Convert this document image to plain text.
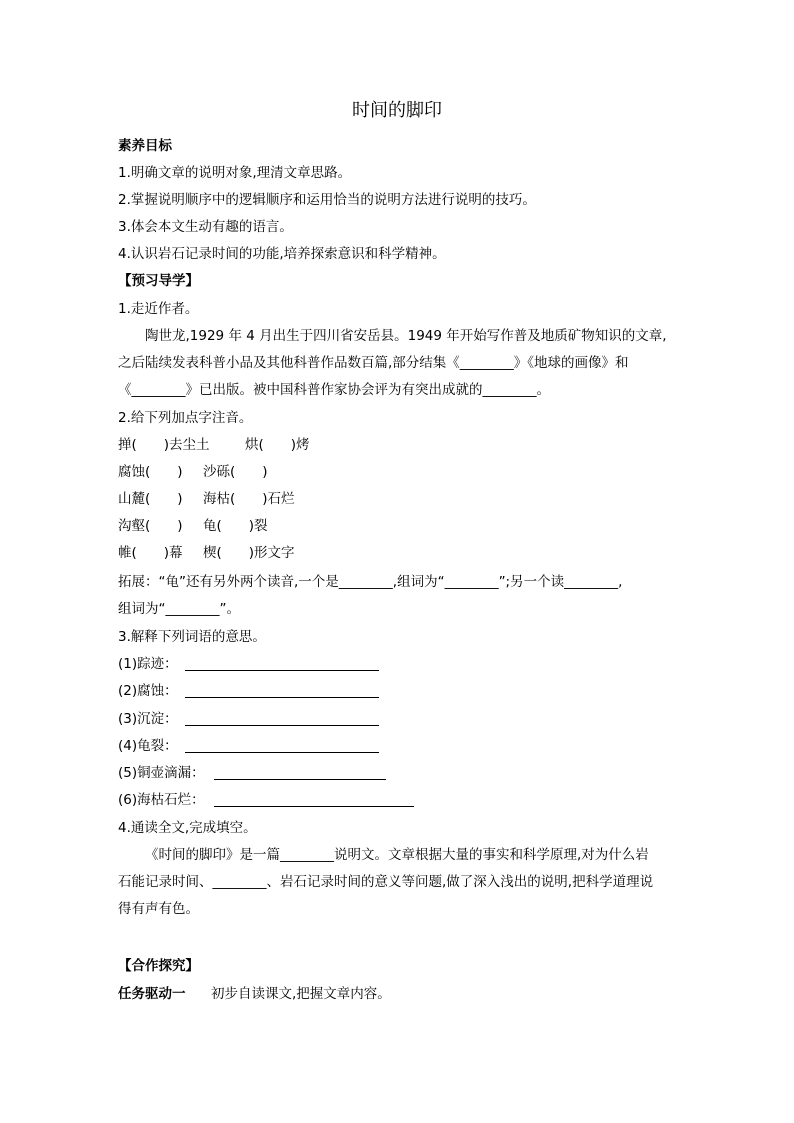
时间的脚印
素养目标
1.明确文章的说明对象,理清文章思路。
2.掌握说明顺序中的逻辑顺序和运用恰当的说明方法进行说明的技巧。
3.体会本文生动有趣的语言。
4.认识岩石记录时间的功能,培养探索意识和科学精神。
【预习导学】
1.走近作者。
陶世龙,1929 年 4 月出生于四川省安岳县。1949 年开始写作普及地质矿物知识的文章,
之后陆续发表科普小品及其他科普作品数百篇,部分结集《________》《地球的画像》和
《________》已出版。被中国科普作家协会评为有突出成就的________。
2.给下列加点字注音。
掸(　　)去尘土	烘(　　)烤
腐蚀(　　) 沙砾(　　)
山麓(　　) 海枯(　　)石烂
沟壑(　　) 龟(　　)裂
帷(　　)幕 楔(　　)形文字
拓展：“龟”还有另外两个读音,一个是________,组词为“________”;另一个读________,
组词为“________”。
3.解释下列词语的意思。
(1)踪迹：
(2)腐蚀：
(3)沉淀：
(4)龟裂：
(5)铜壶滴漏：
(6)海枯石烂：
4.通读全文,完成填空。
《时间的脚印》是一篇________说明文。文章根据大量的事实和科学原理,对为什么岩
石能记录时间、________、岩石记录时间的意义等问题,做了深入浅出的说明,把科学道理说
得有声有色。
【合作探究】
任务驱动一 初步自读课文,把握文章内容。
